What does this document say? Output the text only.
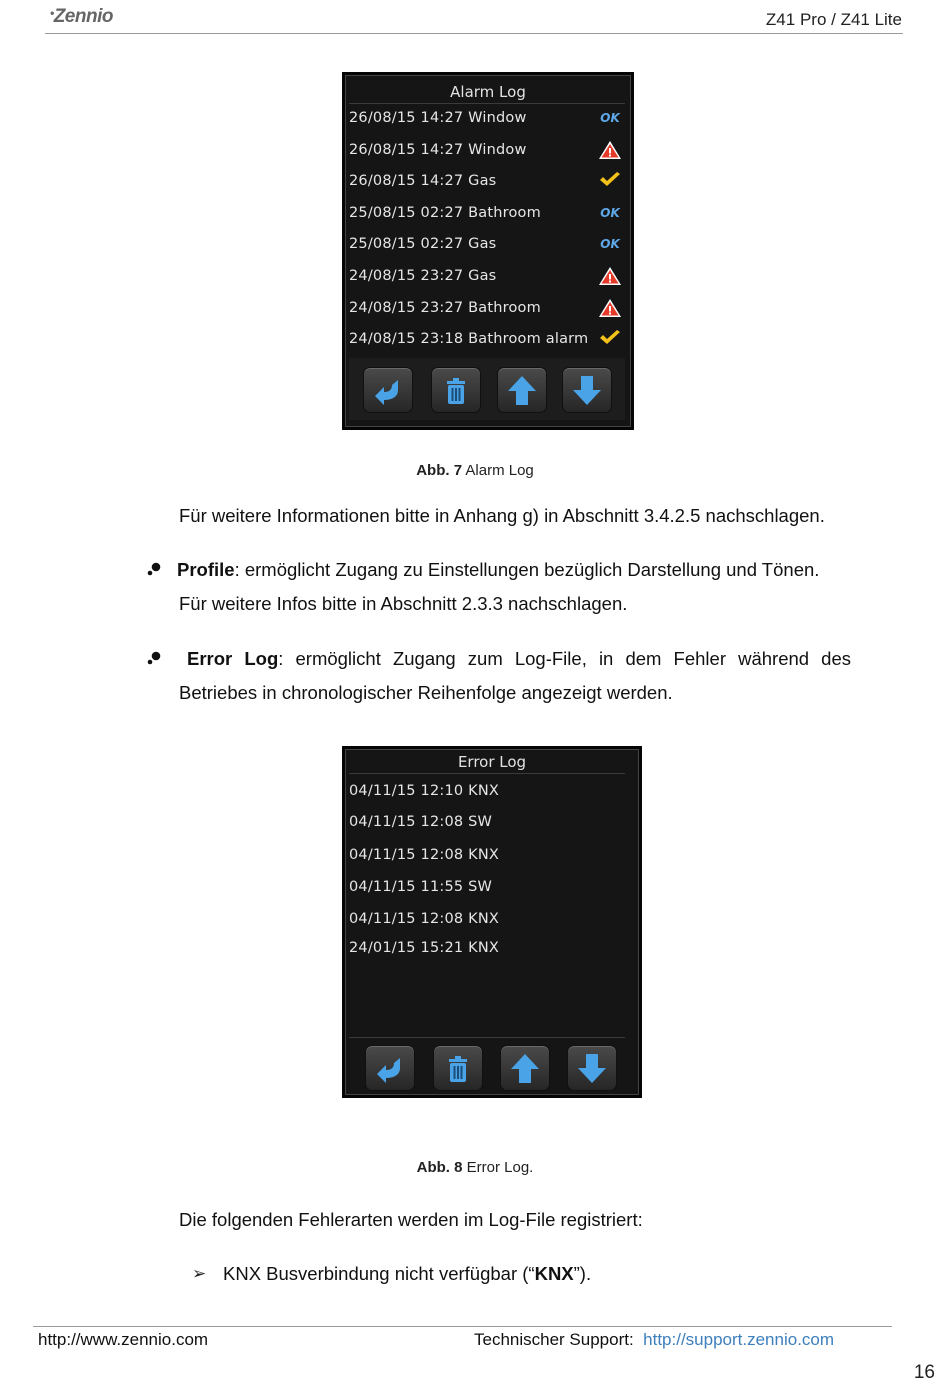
•Zennio	Z41 Pro / Z41 Lite
Alarm Log
26/08/15 14:27 Window	OK
26/08/15 14:27 Window
26/08/15 14:27 Gas
25/08/15 02:27 Bathroom	OK
25/08/15 02:27 Gas	OK
24/08/15 23:27 Gas
24/08/15 23:27 Bathroom
24/08/15 23:18 Bathroom alarm
Abb. 7 Alarm Log
Für weitere Informationen bitte in Anhang g) in Abschnitt 3.4.2.5 nachschlagen.
Profile: ermöglicht Zugang zu Einstellungen bezüglich Darstellung und Tönen.
Für weitere Infos bitte in Abschnitt 2.3.3 nachschlagen.
Error Log: ermöglicht Zugang zum Log-File, in dem Fehler während des
Betriebes in chronologischer Reihenfolge angezeigt werden.
Error Log
04/11/15 12:10 KNX
04/11/15 12:08 SW
04/11/15 12:08 KNX
04/11/15 11:55 SW
04/11/15 12:08 KNX
24/01/15 15:21 KNX
Abb. 8 Error Log.
Die folgenden Fehlerarten werden im Log-File registriert:
➢ KNX Busverbindung nicht verfügbar (“KNX”).
http://www.zennio.com	Technischer Support: http://support.zennio.com
16
